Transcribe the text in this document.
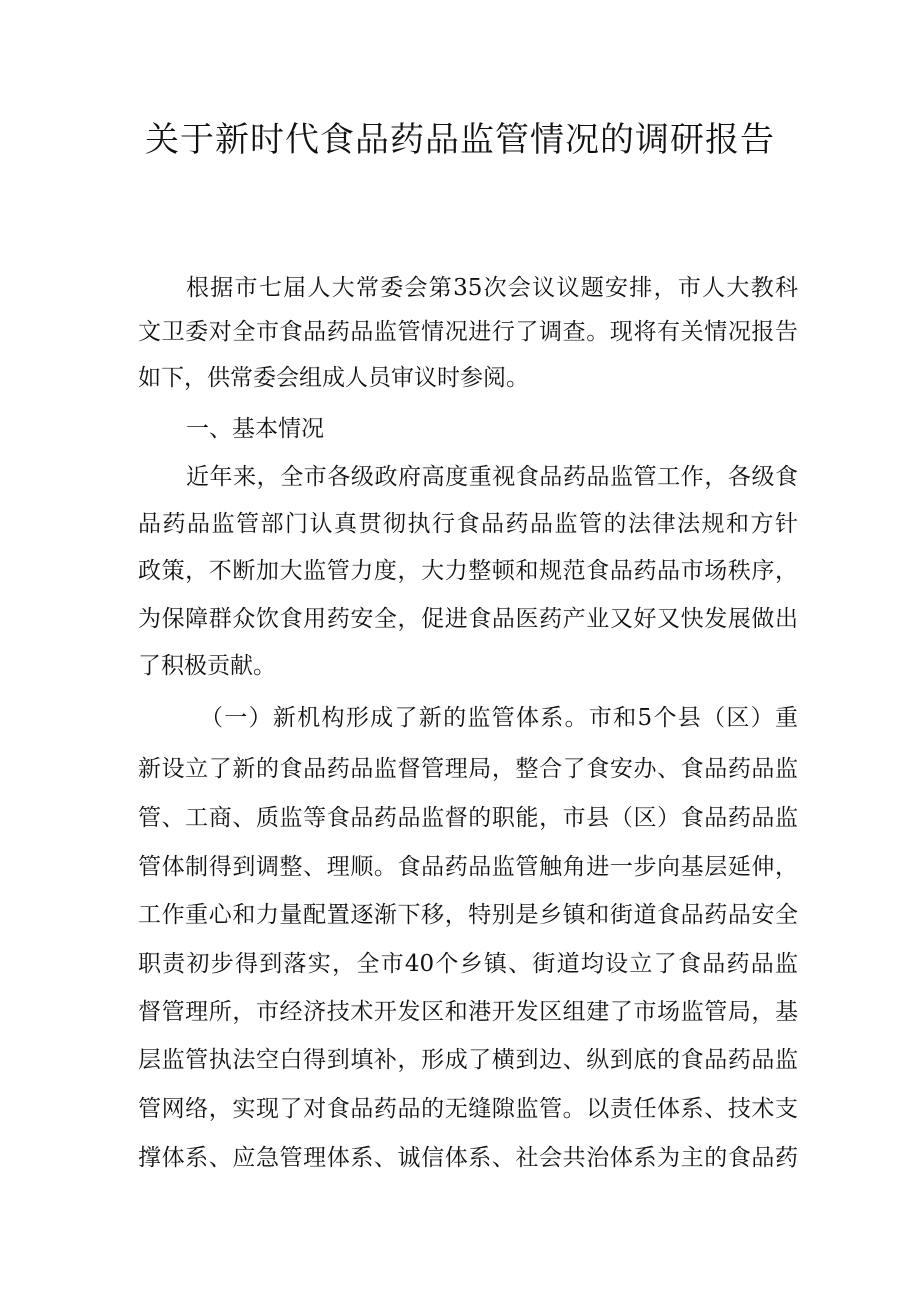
关于新时代食品药品监管情况的调研报告
根据市七届人大常委会第35次会议议题安排，市人大教科
文卫委对全市食品药品监管情况进行了调查。现将有关情况报告
如下，供常委会组成人员审议时参阅。
一、基本情况
近年来，全市各级政府高度重视食品药品监管工作，各级食
品药品监管部门认真贯彻执行食品药品监管的法律法规和方针
政策，不断加大监管力度，大力整顿和规范食品药品市场秩序，
为保障群众饮食用药安全，促进食品医药产业又好又快发展做出
了积极贡献。
（一）新机构形成了新的监管体系。市和5个县（区）重
新设立了新的食品药品监督管理局，整合了食安办、食品药品监
管、工商、质监等食品药品监督的职能，市县（区）食品药品监
管体制得到调整、理顺。食品药品监管触角进一步向基层延伸，
工作重心和力量配置逐渐下移，特别是乡镇和街道食品药品安全
职责初步得到落实，全市40个乡镇、街道均设立了食品药品监
督管理所，市经济技术开发区和港开发区组建了市场监管局，基
层监管执法空白得到填补，形成了横到边、纵到底的食品药品监
管网络，实现了对食品药品的无缝隙监管。以责任体系、技术支
撑体系、应急管理体系、诚信体系、社会共治体系为主的食品药
